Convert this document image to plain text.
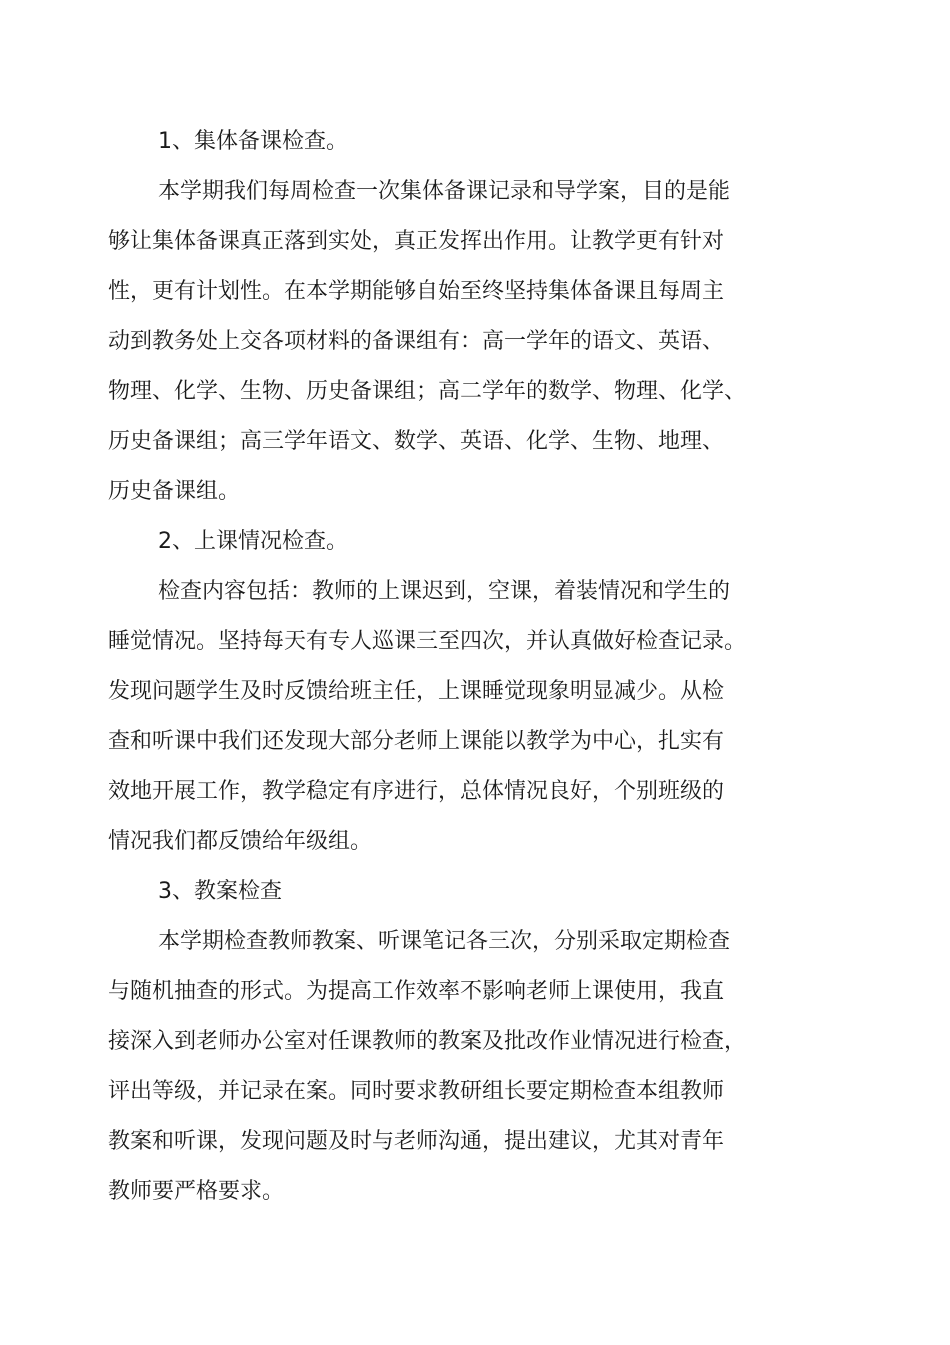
1、集体备课检查。
本学期我们每周检查一次集体备课记录和导学案，目的是能
够让集体备课真正落到实处，真正发挥出作用。让教学更有针对
性，更有计划性。在本学期能够自始至终坚持集体备课且每周主
动到教务处上交各项材料的备课组有：高一学年的语文、英语、
物理、化学、生物、历史备课组；高二学年的数学、物理、化学、
历史备课组；高三学年语文、数学、英语、化学、生物、地理、
历史备课组。
2、上课情况检查。
检查内容包括：教师的上课迟到，空课，着装情况和学生的
睡觉情况。坚持每天有专人巡课三至四次，并认真做好检查记录。
发现问题学生及时反馈给班主任，上课睡觉现象明显减少。从检
查和听课中我们还发现大部分老师上课能以教学为中心，扎实有
效地开展工作，教学稳定有序进行，总体情况良好，个别班级的
情况我们都反馈给年级组。
3、教案检查
本学期检查教师教案、听课笔记各三次，分别采取定期检查
与随机抽查的形式。为提高工作效率不影响老师上课使用，我直
接深入到老师办公室对任课教师的教案及批改作业情况进行检查，
评出等级，并记录在案。同时要求教研组长要定期检查本组教师
教案和听课，发现问题及时与老师沟通，提出建议，尤其对青年
教师要严格要求。
